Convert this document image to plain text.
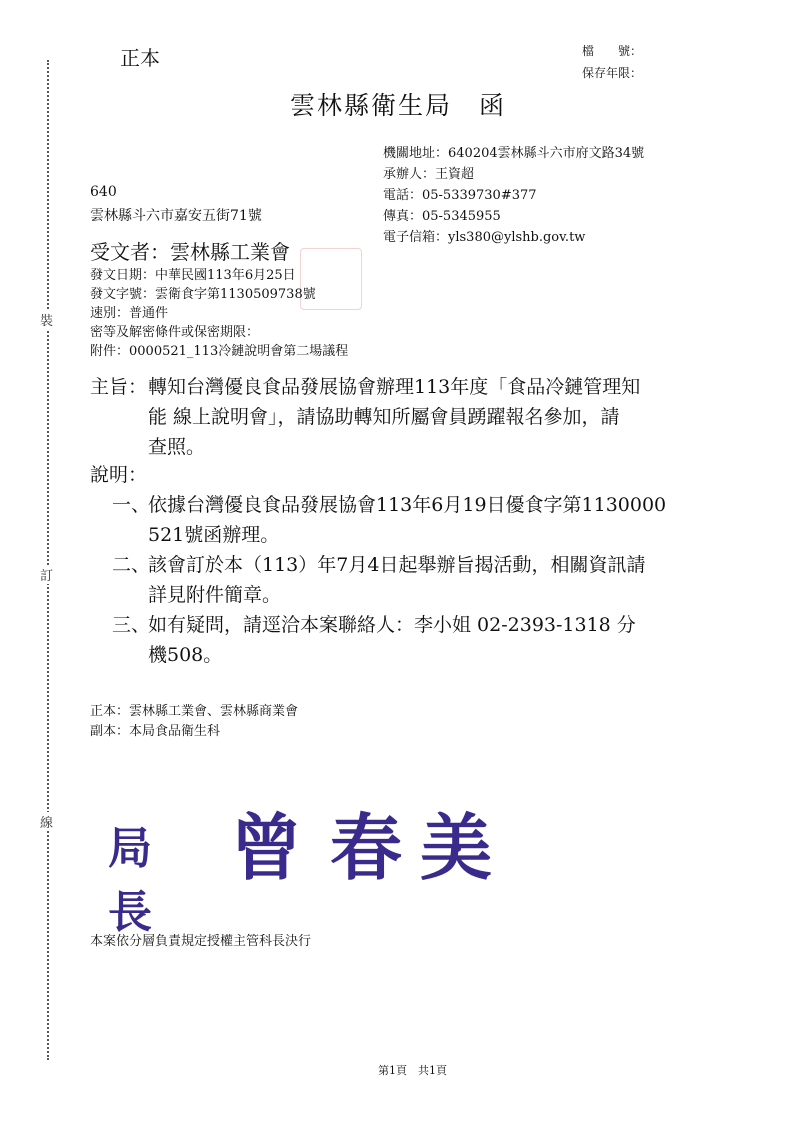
裝
訂
線
正本	檔　　號：
保存年限：
雲林縣衛生局　函
機關地址：640204雲林縣斗六市府文路34號
承辦人：王資超
電話：05-5339730#377
傳真：05-5345955
電子信箱：yls380@ylshb.gov.tw
640
雲林縣斗六市嘉安五街71號
受文者：雲林縣工業會
發文日期：中華民國113年6月25日
發文字號：雲衛食字第1130509738號
速別：普通件
密等及解密條件或保密期限：
附件：0000521_113冷鏈說明會第二場議程
主旨： 轉知台灣優良食品發展協會辦理113年度「食品冷鏈管理知
能 線上說明會」，請協助轉知所屬會員踴躍報名參加，請
查照。
說明：
一、
依據台灣優良食品發展協會113年6月19日優食字第1130000
521號函辦理。
二、
該會訂於本（113）年7月4日起舉辦旨揭活動，相關資訊請
詳見附件簡章。
三、
如有疑問，請逕洽本案聯絡人：李小姐 02-2393-1318 分
機508。
正本：雲林縣工業會、雲林縣商業會
副本：本局食品衛生科
局長
曾 春 美
本案依分層負責規定授權主管科長決行
第1頁　共1頁
